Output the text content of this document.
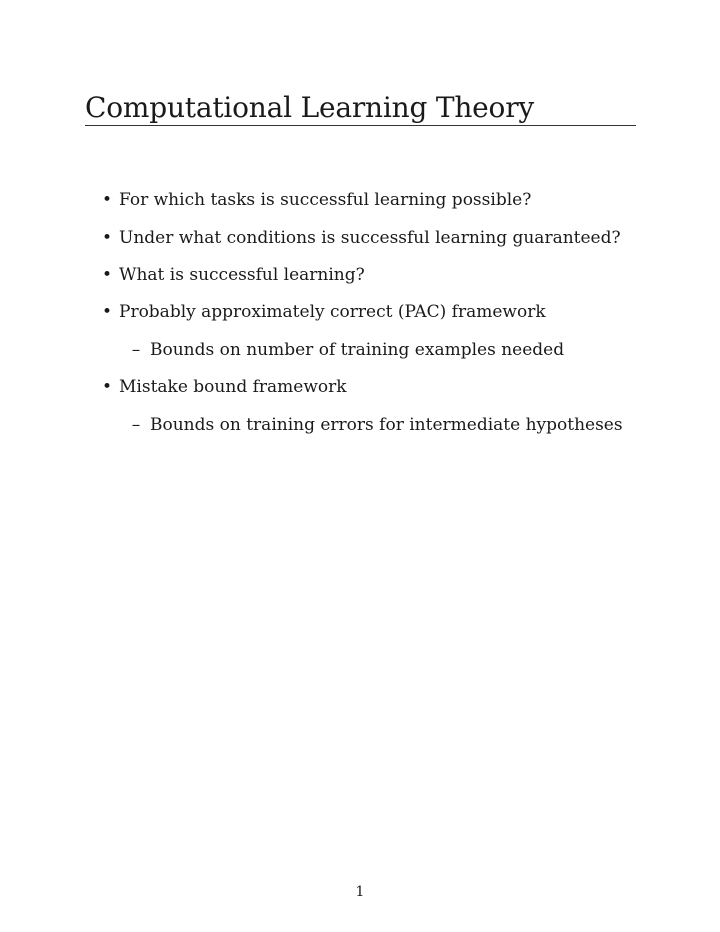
Computational Learning Theory
• For which tasks is successful learning possible?
• Under what conditions is successful learning guaranteed?
• What is successful learning?
• Probably approximately correct (PAC) framework
– Bounds on number of training examples needed
• Mistake bound framework
– Bounds on training errors for intermediate hypotheses
1
